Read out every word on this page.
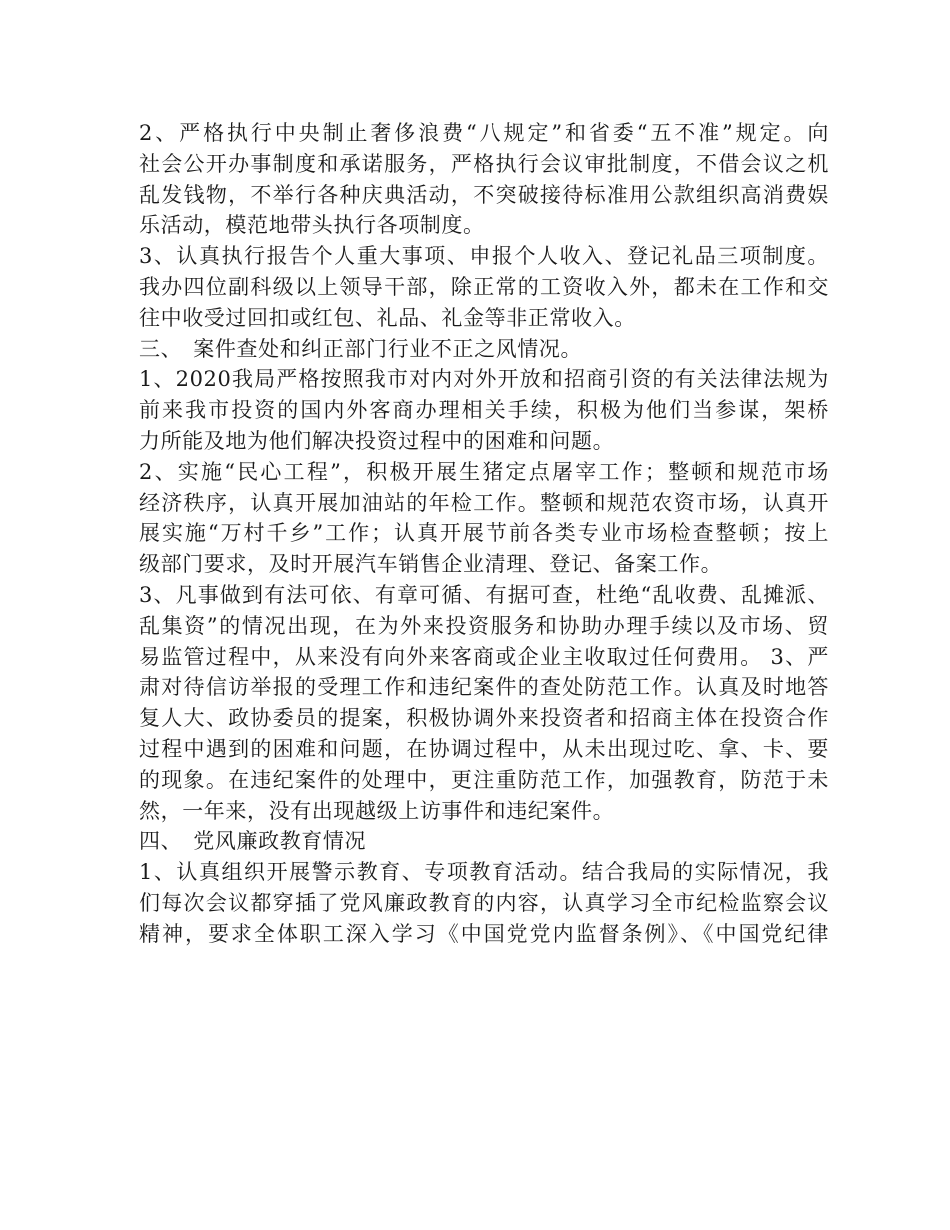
2、严格执行中央制止奢侈浪费“八规定”和省委“五不准”规定。向
社会公开办事制度和承诺服务，严格执行会议审批制度，不借会议之机
乱发钱物，不举行各种庆典活动，不突破接待标准用公款组织高消费娱
乐活动，模范地带头执行各项制度。
3、认真执行报告个人重大事项、申报个人收入、登记礼品三项制度。
我办四位副科级以上领导干部，除正常的工资收入外，都未在工作和交
往中收受过回扣或红包、礼品、礼金等非正常收入。
三、　案件查处和纠正部门行业不正之风情况。
1、2020我局严格按照我市对内对外开放和招商引资的有关法律法规为
前来我市投资的国内外客商办理相关手续，积极为他们当参谋，架桥
力所能及地为他们解决投资过程中的困难和问题。
2、实施“民心工程”，积极开展生猪定点屠宰工作；整顿和规范市场
经济秩序，认真开展加油站的年检工作。整顿和规范农资市场，认真开
展实施“万村千乡”工作；认真开展节前各类专业市场检查整顿；按上
级部门要求，及时开展汽车销售企业清理、登记、备案工作。
3、凡事做到有法可依、有章可循、有据可查，杜绝“乱收费、乱摊派、
乱集资”的情况出现，在为外来投资服务和协助办理手续以及市场、贸
易监管过程中，从来没有向外来客商或企业主收取过任何费用。 3、严
肃对待信访举报的受理工作和违纪案件的查处防范工作。认真及时地答
复人大、政协委员的提案，积极协调外来投资者和招商主体在投资合作
过程中遇到的困难和问题，在协调过程中，从未出现过吃、拿、卡、要
的现象。在违纪案件的处理中，更注重防范工作，加强教育，防范于未
然，一年来，没有出现越级上访事件和违纪案件。
四、　党风廉政教育情况
1、认真组织开展警示教育、专项教育活动。结合我局的实际情况，我
们每次会议都穿插了党风廉政教育的内容，认真学习全市纪检监察会议
精神，要求全体职工深入学习《中国党党内监督条例》、《中国党纪律
